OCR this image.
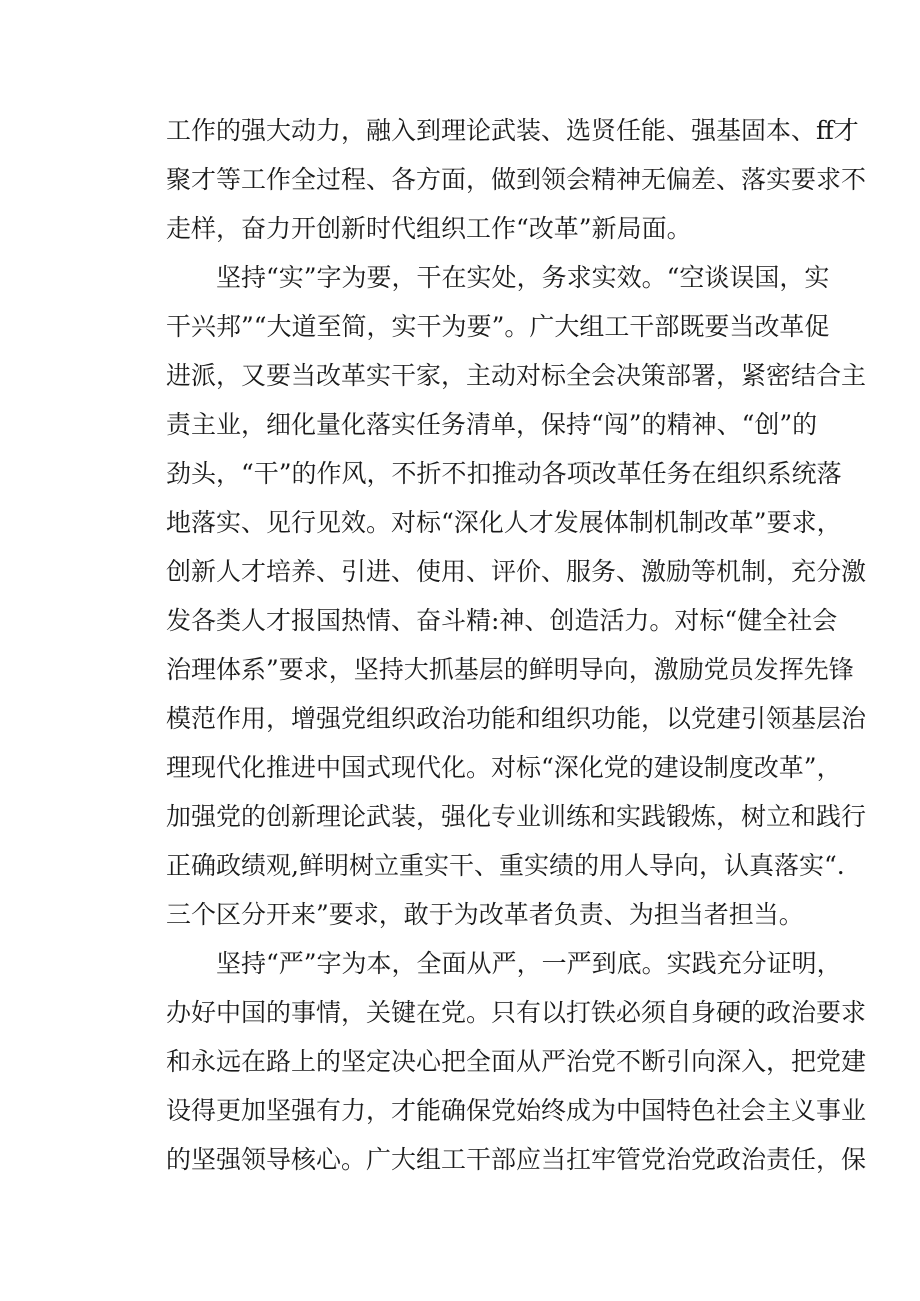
工作的强大动力，融入到理论武装、选贤任能、强基固本、ff才
聚才等工作全过程、各方面，做到领会精神无偏差、落实要求不
走样，奋力开创新时代组织工作“改革”新局面。
坚持“实”字为要，干在实处，务求实效。“空谈误国，实
干兴邦”“大道至简，实干为要”。广大组工干部既要当改革促
进派，又要当改革实干家，主动对标全会决策部署，紧密结合主
责主业，细化量化落实任务清单，保持“闯”的精神、“创”的
劲头，“干”的作风，不折不扣推动各项改革任务在组织系统落
地落实、见行见效。对标“深化人才发展体制机制改革”要求，
创新人才培养、引进、使用、评价、服务、激励等机制，充分激
发各类人才报国热情、奋斗精:神、创造活力。对标“健全社会
治理体系”要求，坚持大抓基层的鲜明导向，激励党员发挥先锋
模范作用，增强党组织政治功能和组织功能，以党建引领基层治
理现代化推进中国式现代化。对标“深化党的建设制度改革”，
加强党的创新理论武装，强化专业训练和实践锻炼，树立和践行
正确政绩观,鲜明树立重实干、重实绩的用人导向，认真落实“.
三个区分开来”要求，敢于为改革者负责、为担当者担当。
坚持“严”字为本，全面从严，一严到底。实践充分证明，
办好中国的事情，关键在党。只有以打铁必须自身硬的政治要求
和永远在路上的坚定决心把全面从严治党不断引向深入，把党建
设得更加坚强有力，才能确保党始终成为中国特色社会主义事业
的坚强领导核心。广大组工干部应当扛牢管党治党政治责任，保
